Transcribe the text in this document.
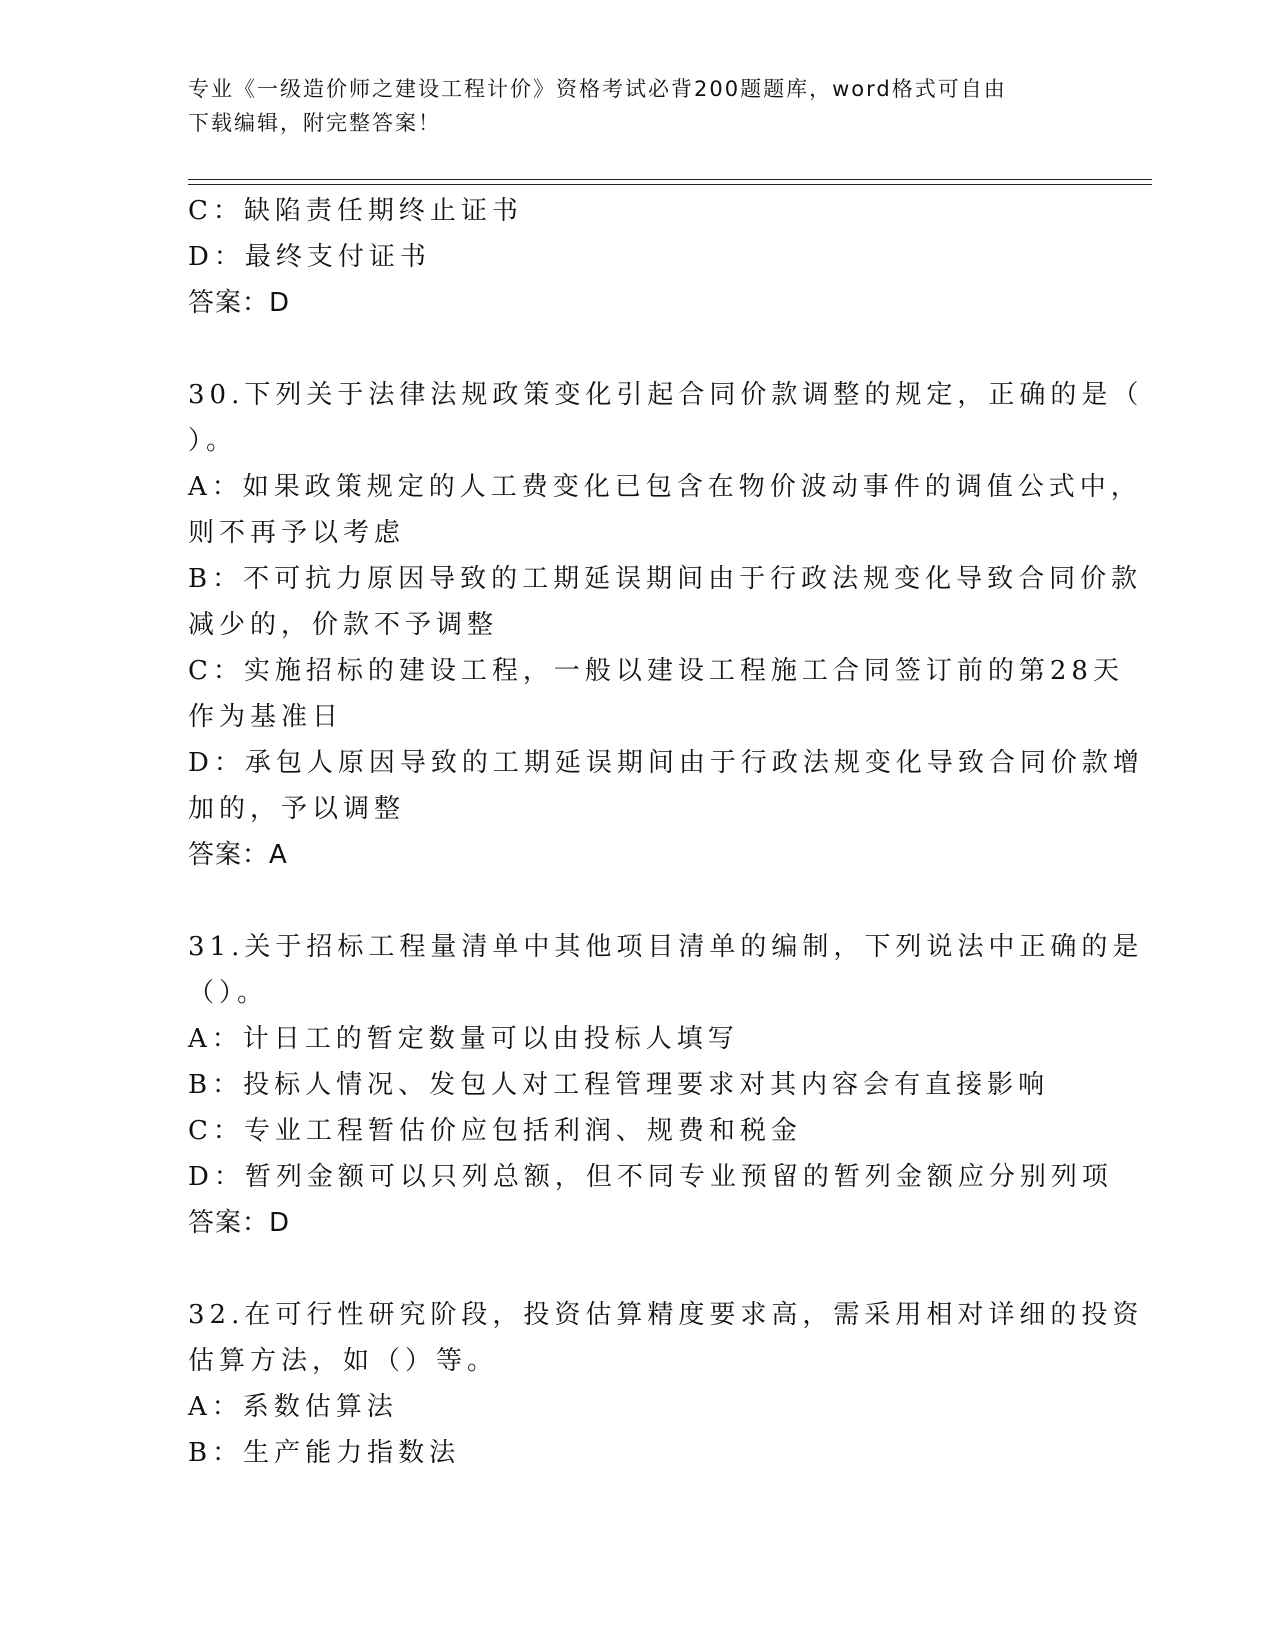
专业《一级造价师之建设工程计价》资格考试必背200题题库，word格式可自由
下载编辑，附完整答案！
C：缺陷责任期终止证书
D：最终支付证书
答案：D
30.下列关于法律法规政策变化引起合同价款调整的规定，正确的是（
）。
A：如果政策规定的人工费变化已包含在物价波动事件的调值公式中，
则不再予以考虑
B：不可抗力原因导致的工期延误期间由于行政法规变化导致合同价款
减少的，价款不予调整
C：实施招标的建设工程，一般以建设工程施工合同签订前的第28天
作为基准日
D：承包人原因导致的工期延误期间由于行政法规变化导致合同价款增
加的，予以调整
答案：A
31.关于招标工程量清单中其他项目清单的编制，下列说法中正确的是
（）。
A：计日工的暂定数量可以由投标人填写
B：投标人情况、发包人对工程管理要求对其内容会有直接影响
C：专业工程暂估价应包括利润、规费和税金
D：暂列金额可以只列总额，但不同专业预留的暂列金额应分别列项
答案：D
32.在可行性研究阶段，投资估算精度要求高，需采用相对详细的投资
估算方法，如（）等。
A：系数估算法
B：生产能力指数法
